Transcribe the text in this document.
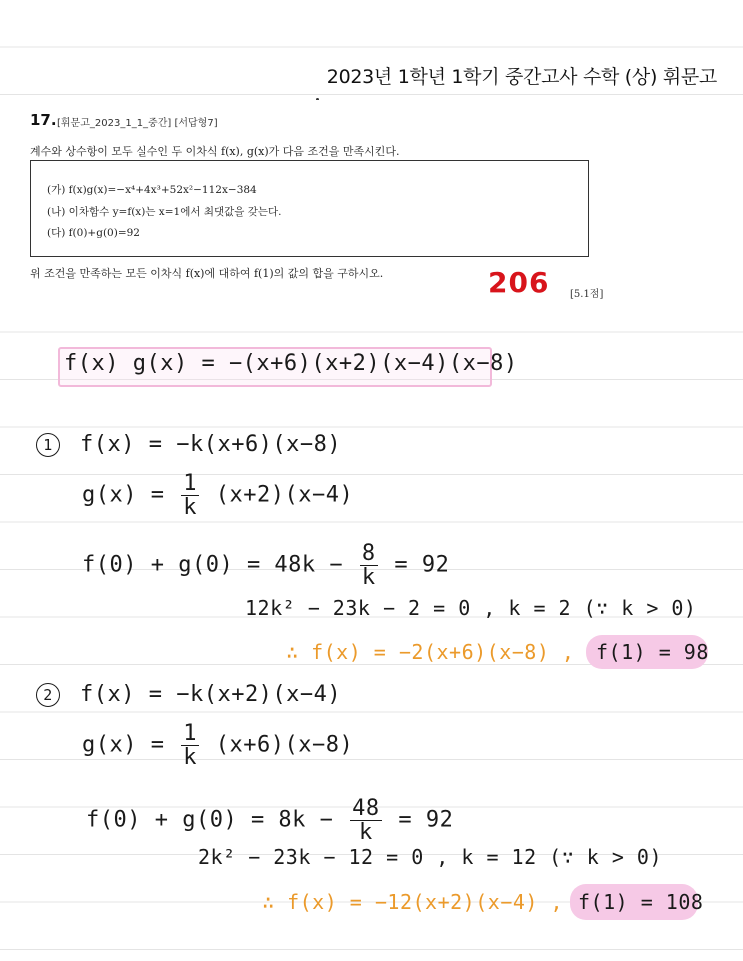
2023년 1학년 1학기 중간고사 수학 (상) 휘문고
17. [휘문고_2023_1_1_중간] [서답형7]
계수와 상수항이 모두 실수인 두 이차식 f(x), g(x)가 다음 조건을 만족시킨다.
(가) f(x)g(x)=−x⁴+4x³+52x²−112x−384
(나) 이차함수 y=f(x)는 x=1에서 최댓값을 갖는다.
(다) f(0)+g(0)=92
위 조건을 만족하는 모든 이차식 f(x)에 대하여 f(1)의 값의 합을 구하시오.	206 [5.1점]
f(x) g(x) = −(x+6)(x+2)(x−4)(x−8)
1 f(x) = −k(x+6)(x−8)
$g(x) = \frac{1}{k} (x+2)(x-4)$
$f(0) + g(0) = 48k - \frac{8}{k} = 92$
12k² − 23k − 2 = 0 , k = 2 (∵ k > 0)
∴ f(x) = −2(x+6)(x−8) , f(1) = 98
2 f(x) = −k(x+2)(x−4)
$g(x) = \frac{1}{k} (x+6)(x-8)$
$f(0) + g(0) = 8k - \frac{48}{k} = 92$
2k² − 23k − 12 = 0 , k = 12 (∵ k > 0)
∴ f(x) = −12(x+2)(x−4) , f(1) = 108
